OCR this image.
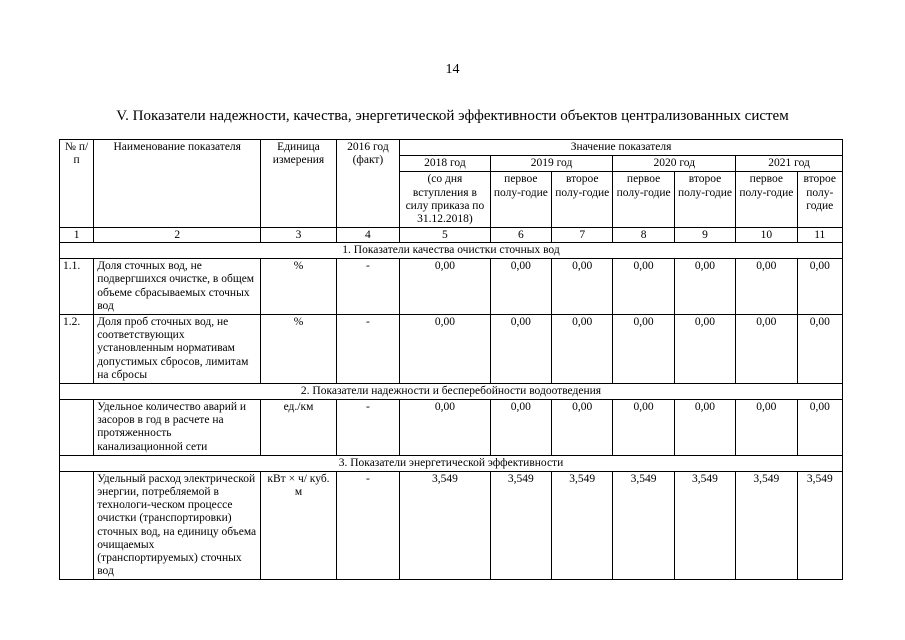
14
V. Показатели надежности, качества, энергетической эффективности объектов централизованных систем
№ п/п	Наименование показателя	Единица измерения	2016 год (факт)	Значение показателя						
				2018 год	2019 год		2020 год		2021 год	
				(со дня вступления в силу приказа по 31.12.2018)	первое полу-годие	второе полу-годие	первое полу-годие	второе полу-годие	первое полу-годие	второе полу-годие
1	2	3	4	5	6	7	8	9	10	11
1. Показатели качества очистки сточных вод										
1.1.	Доля сточных вод, не подвергшихся очистке, в общем объеме сбрасываемых сточных вод	%	-	0,00	0,00	0,00	0,00	0,00	0,00	0,00
1.2.	Доля проб сточных вод, не соответствующих установленным нормативам допустимых сбросов, лимитам на сбросы	%	-	0,00	0,00	0,00	0,00	0,00	0,00	0,00
2. Показатели надежности и бесперебойности водоотведения										
	Удельное количество аварий и засоров в год в расчете на протяженность канализационной сети	ед./км	-	0,00	0,00	0,00	0,00	0,00	0,00	0,00
3. Показатели энергетической эффективности										
	Удельный расход электрической энергии, потребляемой в технологи-ческом процессе очистки (транспортировки) сточных вод, на единицу объема очищаемых (транспортируемых) сточных вод	кВт × ч/ куб. м	-	3,549	3,549	3,549	3,549	3,549	3,549	3,549
